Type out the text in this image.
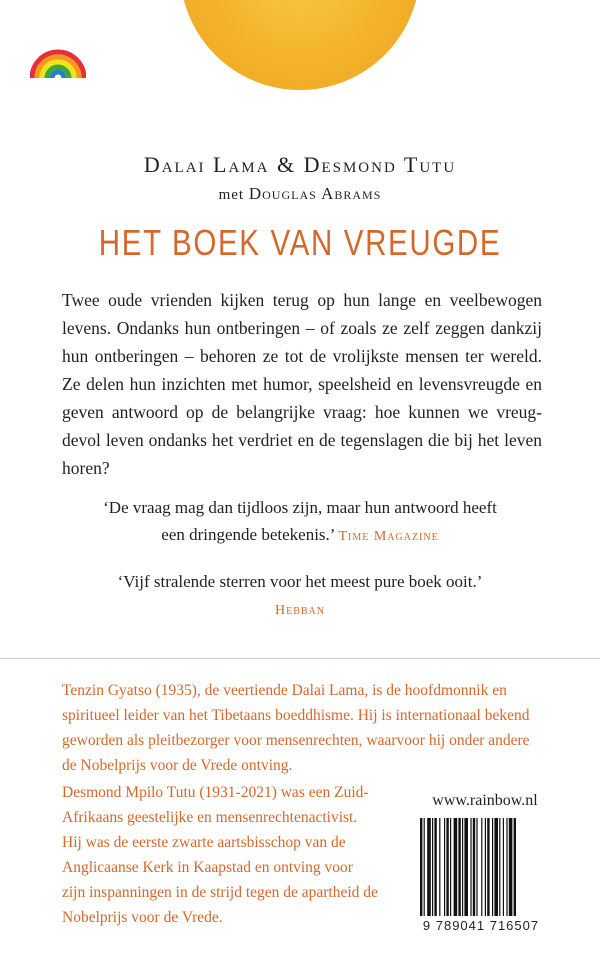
Dalai Lama & Desmond Tutu
met Douglas Abrams
HET BOEK VAN VREUGDE
Twee oude vrienden kijken terug op hun lange en veelbewogen levens. Ondanks hun ontberingen – of zoals ze zelf zeggen dankzij hun ontberingen – behoren ze tot de vrolijkste mensen ter wereld. Ze delen hun inzichten met humor, speelsheid en levensvreugde en geven antwoord op de belangrijke vraag: hoe kunnen we vreug-devol leven ondanks het verdriet en de tegenslagen die bij het leven horen?
‘De vraag mag dan tijdloos zijn, maar hun antwoord heeft
een dringende betekenis.’ Time Magazine
‘Vijf stralende sterren voor het meest pure boek ooit.’
Hebban
Tenzin Gyatso (1935), de veertiende Dalai Lama, is de hoofdmonnik en spiritueel leider van het Tibetaans boeddhisme. Hij is internationaal bekend geworden als pleitbezorger voor mensenrechten, waarvoor hij onder andere de Nobelprijs voor de Vrede ontving.
Desmond Mpilo Tutu (1931-2021) was een Zuid-Afrikaans geestelijke en mensenrechtenactivist. Hij was de eerste zwarte aartsbisschop van de Anglicaanse Kerk in Kaapstad en ontving voor zijn inspanningen in de strijd tegen de apartheid de Nobelprijs voor de Vrede.
www.rainbow.nl
9 789041 716507
